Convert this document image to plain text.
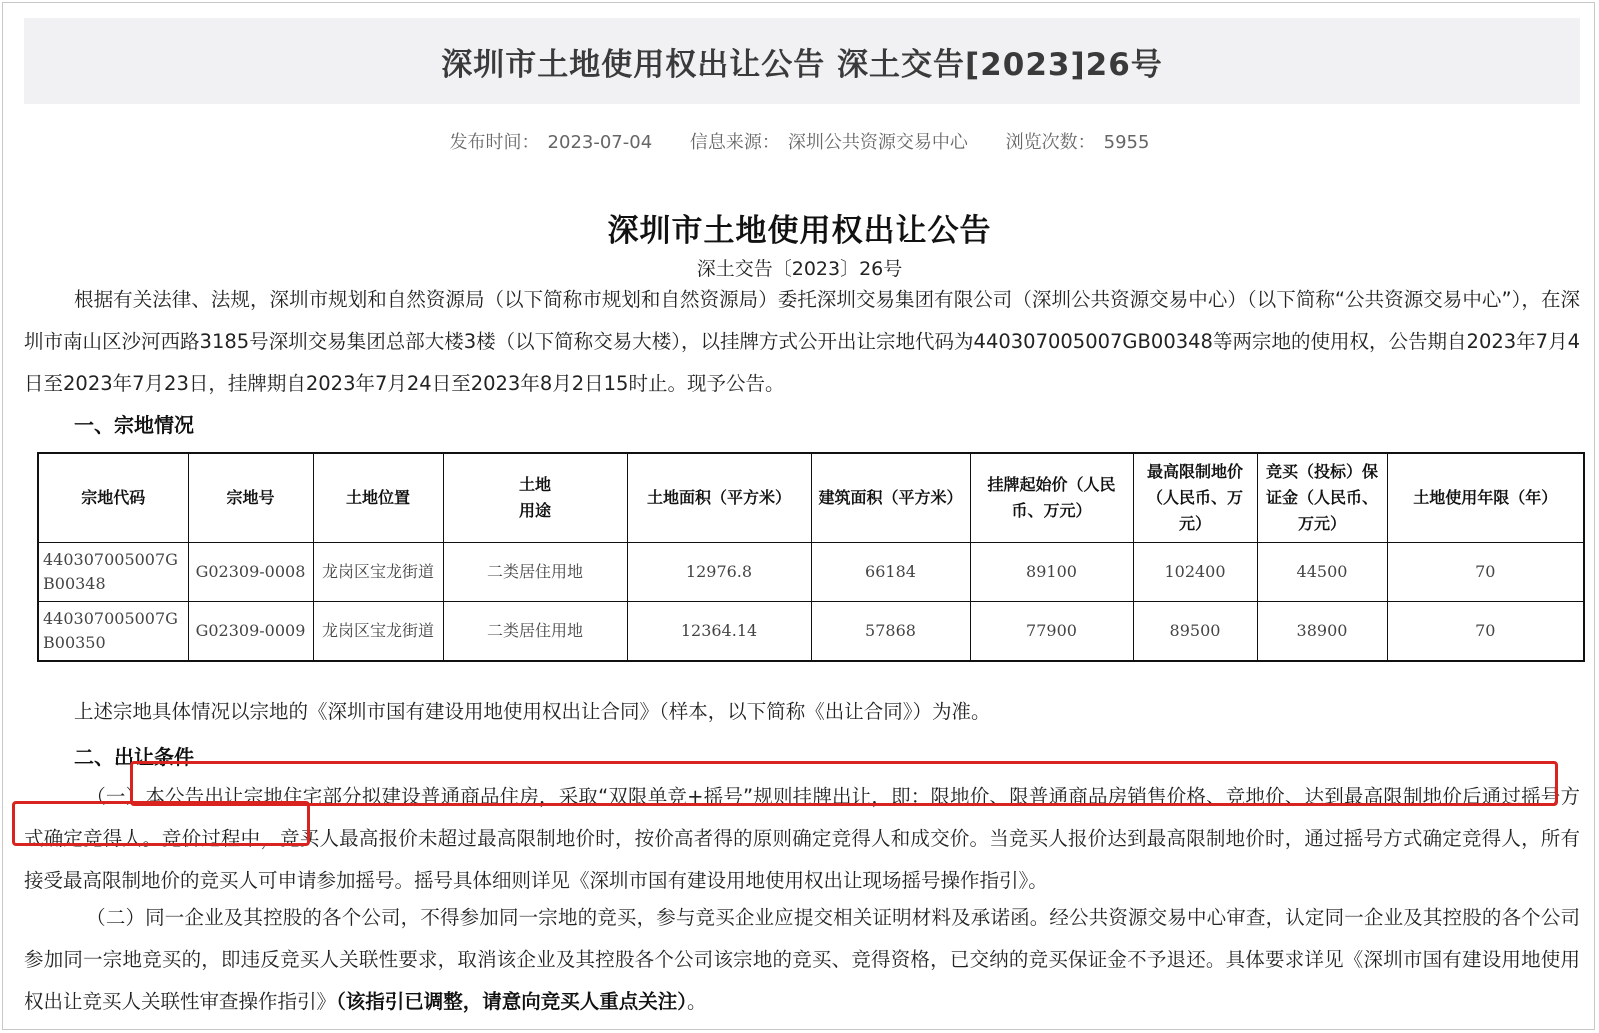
深圳市土地使用权出让公告 深土交告[2023]26号
发布时间： 2023-07-04 信息来源： 深圳公共资源交易中心 浏览次数： 5955
深圳市土地使用权出让公告
深土交告〔2023〕26号

根据有关法律、法规，深圳市规划和自然资源局（以下简称市规划和自然资源局）委托深圳交易集团有限公司（深圳公共资源交易中心）（以下简称“公共资源交易中心”），在深圳市南山区沙河西路3185号深圳交易集团总部大楼3楼（以下简称交易大楼），以挂牌方式公开出让宗地代码为440307005007GB00348等两宗地的使用权，公告期自2023年7月4日至2023年7月23日，挂牌期自2023年7月24日至2023年8月2日15时止。现予公告。

一、宗地情况

宗地代码	宗地号	土地位置	土地
用途	土地面积（平方米）	建筑面积（平方米）	挂牌起始价（人民币、万元）	最高限制地价（人民币、万元）	竞买（投标）保证金（人民币、万元）	土地使用年限（年）
440307005007GB00348	G02309-0008	龙岗区宝龙街道	二类居住用地	12976.8	66184	89100	102400	44500	70
440307005007GB00350	G02309-0009	龙岗区宝龙街道	二类居住用地	12364.14	57868	77900	89500	38900	70

上述宗地具体情况以宗地的《深圳市国有建设用地使用权出让合同》（样本，以下简称《出让合同》）为准。

二、出让条件

（一）本公告出让宗地住宅部分拟建设普通商品住房，采取“双限单竞+摇号”规则挂牌出让，即：限地价、限普通商品房销售价格、竞地价、达到最高限制地价后通过摇号方式确定竞得人。竞价过程中，竞买人最高报价未超过最高限制地价时，按价高者得的原则确定竞得人和成交价。当竞买人报价达到最高限制地价时，通过摇号方式确定竞得人，所有接受最高限制地价的竞买人可申请参加摇号。摇号具体细则详见《深圳市国有建设用地使用权出让现场摇号操作指引》。

（二）同一企业及其控股的各个公司，不得参加同一宗地的竞买，参与竞买企业应提交相关证明材料及承诺函。经公共资源交易中心审查，认定同一企业及其控股的各个公司参加同一宗地竞买的，即违反竞买人关联性要求，取消该企业及其控股各个公司该宗地的竞买、竞得资格，已交纳的竞买保证金不予退还。具体要求详见《深圳市国有建设用地使用权出让竞买人关联性审查操作指引》（该指引已调整，请意向竞买人重点关注）。
